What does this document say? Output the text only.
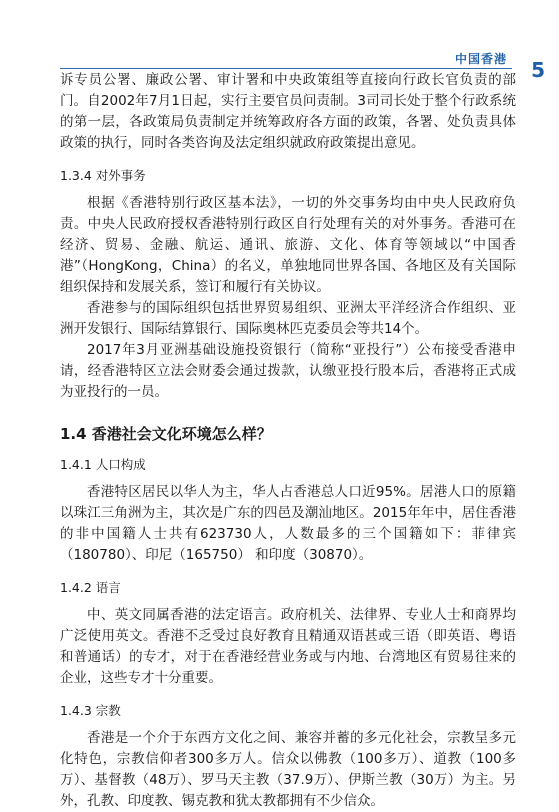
中国香港 5

诉专员公署、廉政公署、审计署和中央政策组等直接向行政长官负责的部门。自2002年7月1日起，实行主要官员问责制。3司司长处于整个行政系统的第一层，各政策局负责制定并统筹政府各方面的政策，各署、处负责具体政策的执行，同时各类咨询及法定组织就政府政策提出意见。

1.3.4 对外事务

根据《香港特别行政区基本法》，一切的外交事务均由中央人民政府负责。中央人民政府授权香港特别行政区自行处理有关的对外事务。香港可在经济、贸易、金融、航运、通讯、旅游、文化、体育等领域以“中国香港”（HongKong，China）的名义，单独地同世界各国、各地区及有关国际组织保持和发展关系，签订和履行有关协议。

香港参与的国际组织包括世界贸易组织、亚洲太平洋经济合作组织、亚洲开发银行、国际结算银行、国际奥林匹克委员会等共14个。

2017年3月亚洲基础设施投资银行（简称“亚投行”）公布接受香港申请，经香港特区立法会财委会通过拨款，认缴亚投行股本后，香港将正式成为亚投行的一员。

1.4 香港社会文化环境怎么样？
1.4.1 人口构成

香港特区居民以华人为主，华人占香港总人口近95%。居港人口的原籍以珠江三角洲为主，其次是广东的四邑及潮汕地区。2015年年中，居住香港的非中国籍人士共有623730人，人数最多的三个国籍如下：菲律宾（180780）、印尼（165750） 和印度（30870）。

1.4.2 语言

中、英文同属香港的法定语言。政府机关、法律界、专业人士和商界均广泛使用英文。香港不乏受过良好教育且精通双语甚或三语（即英语、粤语和普通话）的专才，对于在香港经营业务或与内地、台湾地区有贸易往来的企业，这些专才十分重要。

1.4.3 宗教

香港是一个介于东西方文化之间、兼容并蓄的多元化社会，宗教呈多元化特色，宗教信仰者300多万人。信众以佛教（100多万）、道教（100多万）、基督教（48万）、罗马天主教（37.9万）、伊斯兰教（30万）为主。另外，孔教、印度教、锡克教和犹太教都拥有不少信众。
